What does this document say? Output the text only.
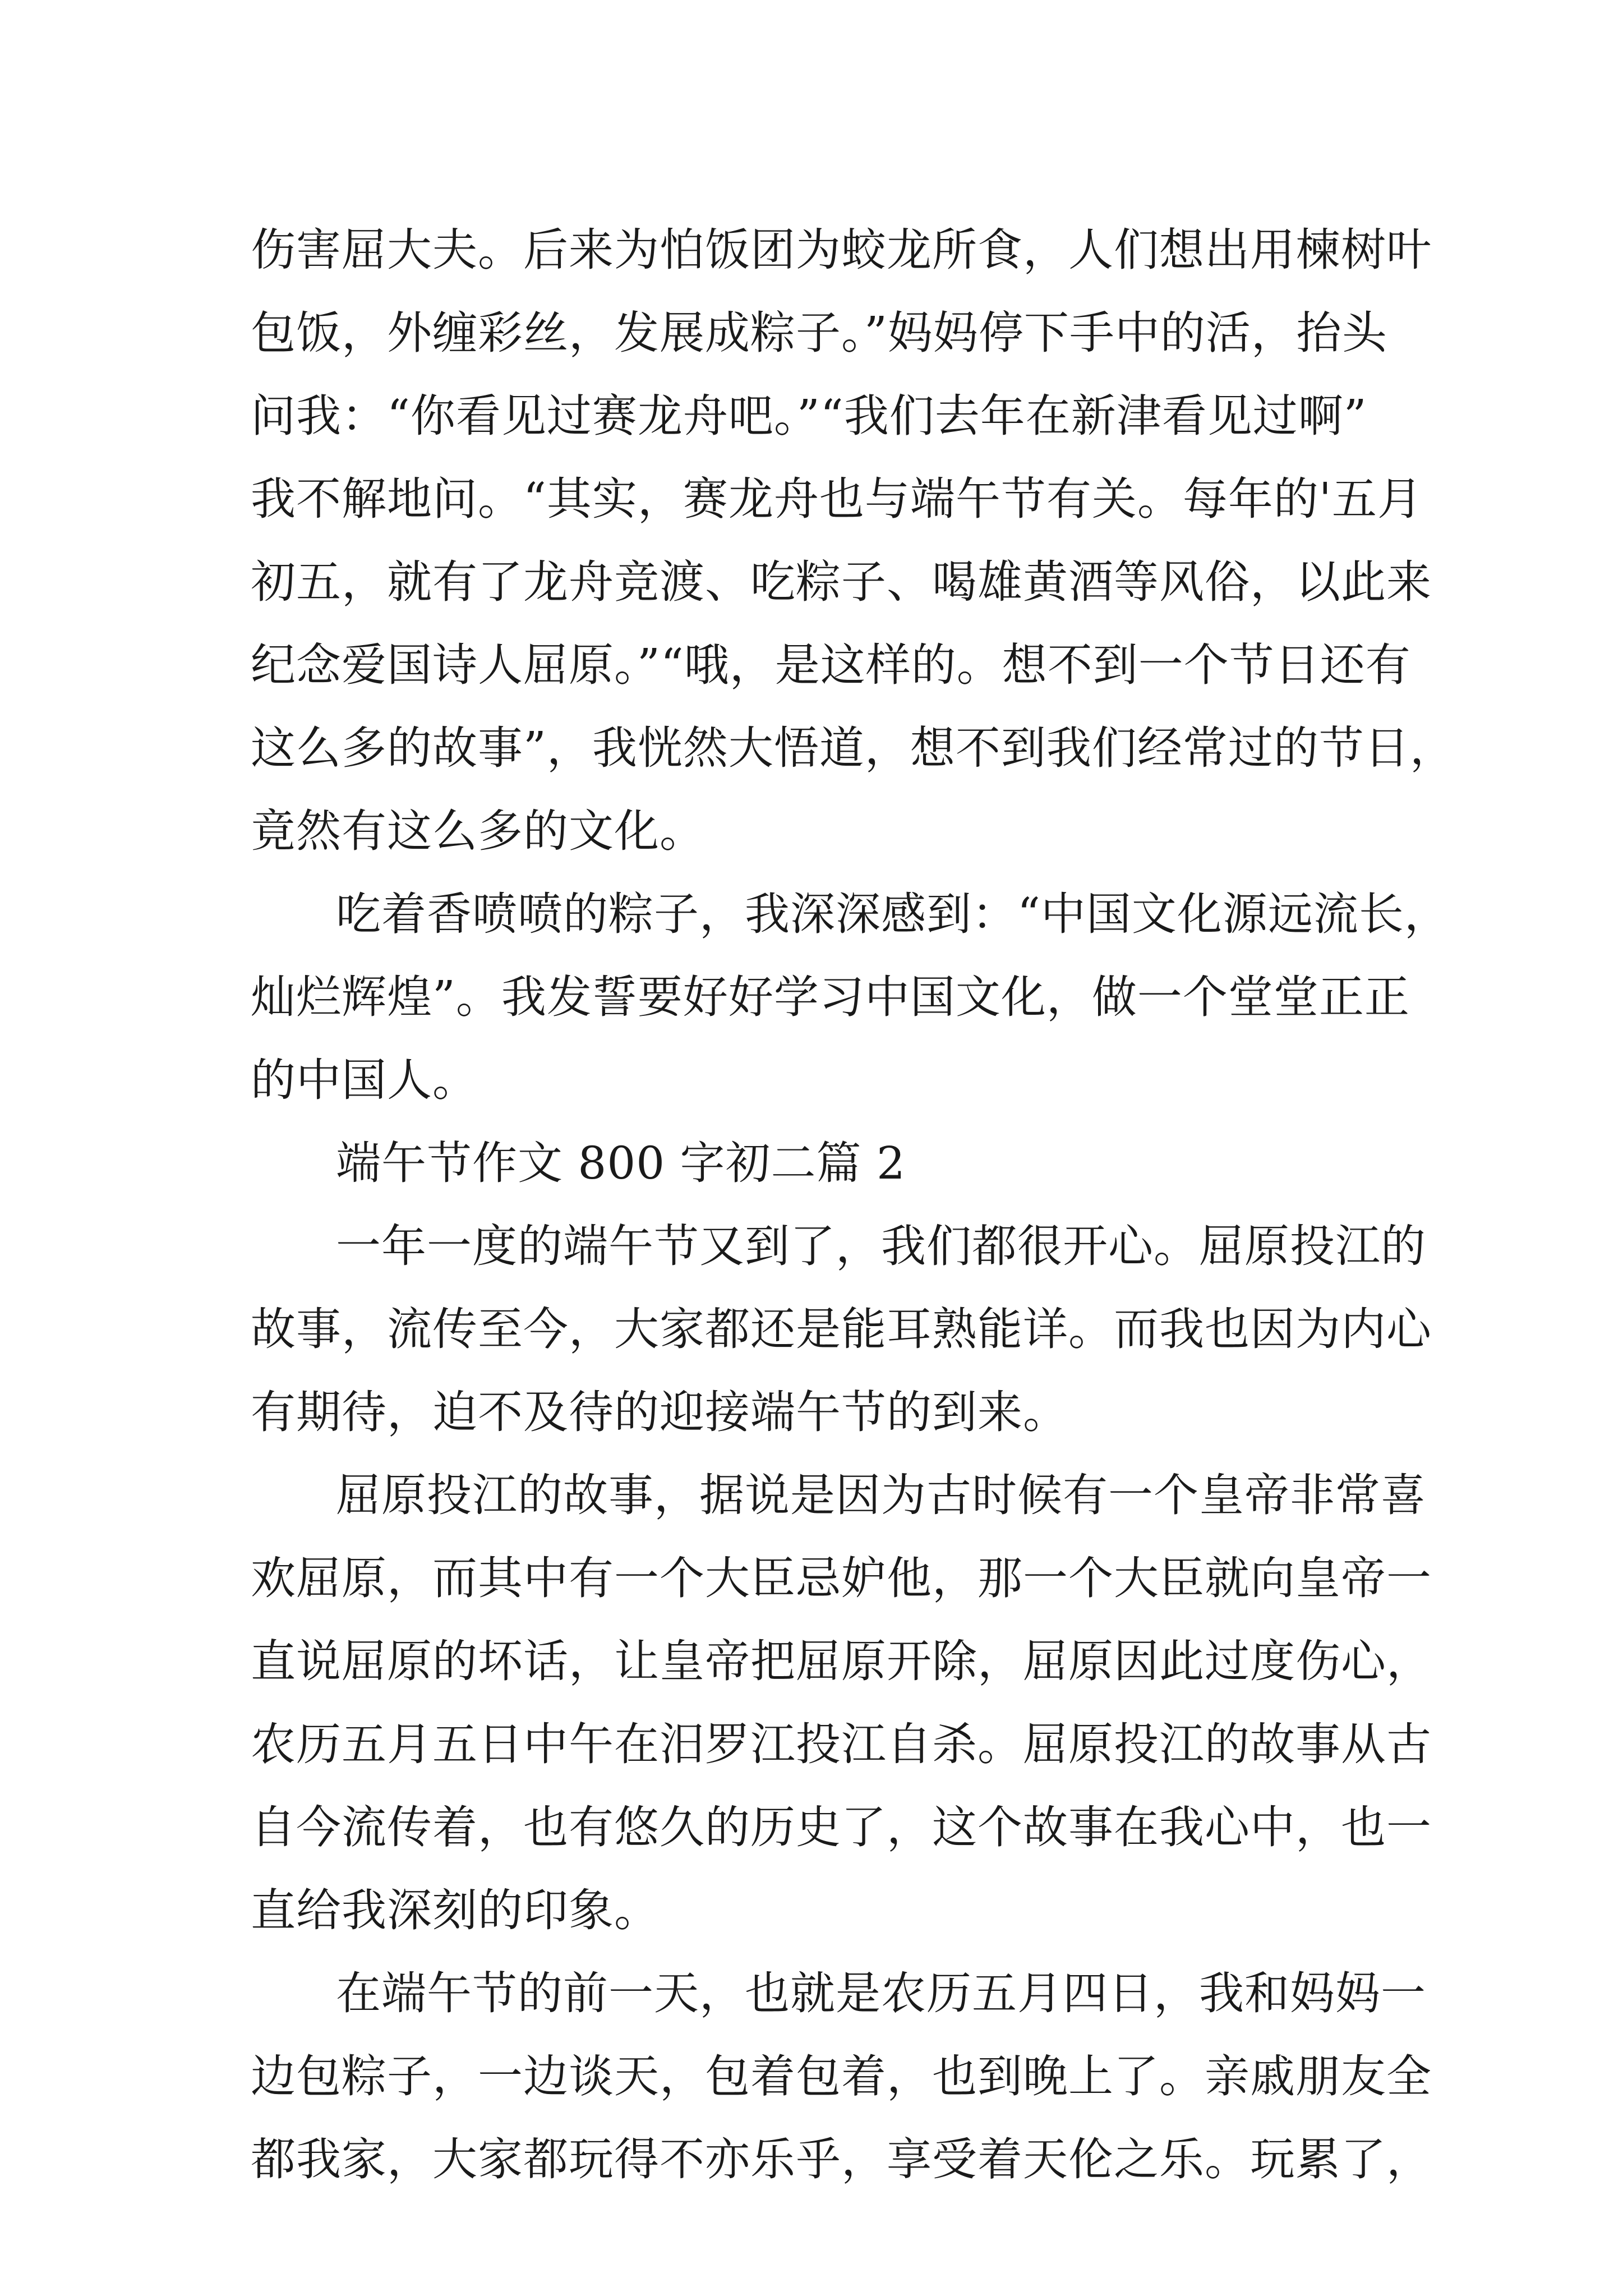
伤害屈大夫。后来为怕饭团为蛟龙所食，人们想出用楝树叶
包饭，外缠彩丝，发展成粽子。”妈妈停下手中的活，抬头
问我：“你看见过赛龙舟吧。”“我们去年在新津看见过啊”
我不解地问。“其实，赛龙舟也与端午节有关。每年的'五月
初五，就有了龙舟竞渡、吃粽子、喝雄黄酒等风俗，以此来
纪念爱国诗人屈原。”“哦，是这样的。想不到一个节日还有
这么多的故事”，我恍然大悟道，想不到我们经常过的节日，
竟然有这么多的文化。
吃着香喷喷的粽子，我深深感到：“中国文化源远流长，
灿烂辉煌”。我发誓要好好学习中国文化，做一个堂堂正正
的中国人。
端午节作文 800 字初二篇 2
一年一度的端午节又到了，我们都很开心。屈原投江的
故事，流传至今，大家都还是能耳熟能详。而我也因为内心
有期待，迫不及待的迎接端午节的到来。
屈原投江的故事，据说是因为古时候有一个皇帝非常喜
欢屈原，而其中有一个大臣忌妒他，那一个大臣就向皇帝一
直说屈原的坏话，让皇帝把屈原开除，屈原因此过度伤心，
农历五月五日中午在汨罗江投江自杀。屈原投江的故事从古
自今流传着，也有悠久的历史了，这个故事在我心中，也一
直给我深刻的印象。
在端午节的前一天，也就是农历五月四日，我和妈妈一
边包粽子，一边谈天，包着包着，也到晚上了。亲戚朋友全
都我家，大家都玩得不亦乐乎，享受着天伦之乐。玩累了，
